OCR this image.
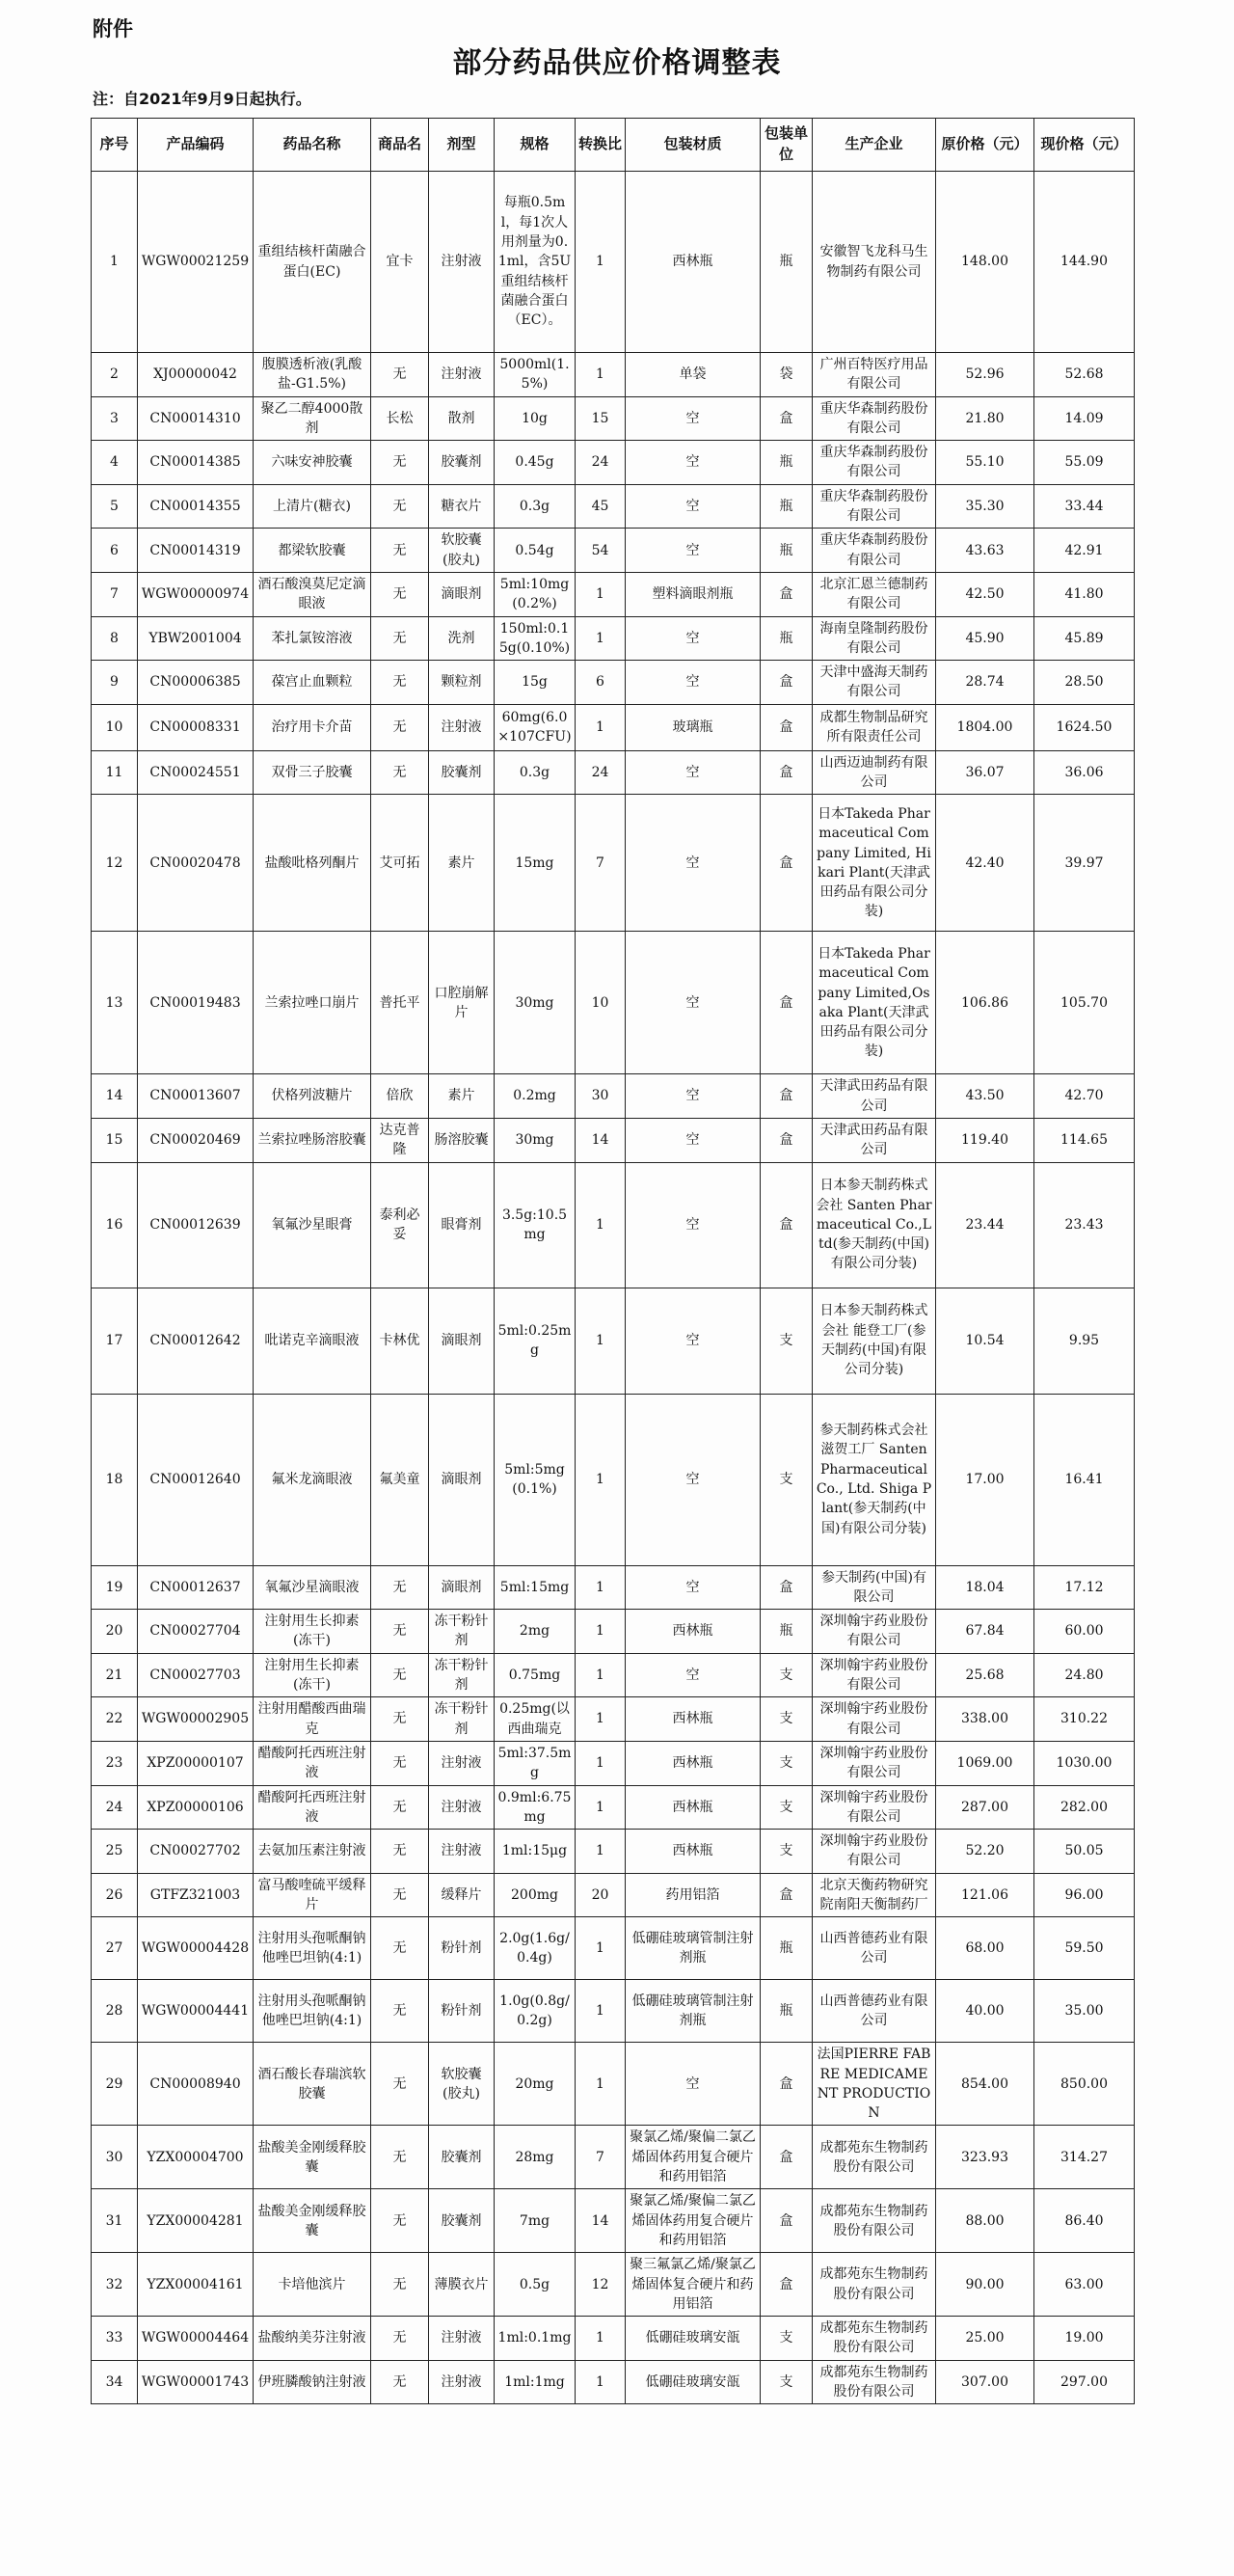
附件
部分药品供应价格调整表
注：自2021年9月9日起执行。
序号	产品编码	药品名称	商品名	剂型	规格	转换比	包装材质	包装单位	生产企业	原价格（元）	现价格（元）
1	WGW00021259	重组结核杆菌融合蛋白(EC)	宜卡	注射液	每瓶0.5ml，每1次人用剂量为0.1ml，含5U重组结核杆菌融合蛋白（EC）。	1	西林瓶	瓶	安徽智飞龙科马生物制药有限公司	148.00	144.90
2	XJ00000042	腹膜透析液(乳酸盐-G1.5%)	无	注射液	5000ml(1.5%)	1	单袋	袋	广州百特医疗用品有限公司	52.96	52.68
3	CN00014310	聚乙二醇4000散剂	长松	散剂	10g	15	空	盒	重庆华森制药股份有限公司	21.80	14.09
4	CN00014385	六味安神胶囊	无	胶囊剂	0.45g	24	空	瓶	重庆华森制药股份有限公司	55.10	55.09
5	CN00014355	上清片(糖衣)	无	糖衣片	0.3g	45	空	瓶	重庆华森制药股份有限公司	35.30	33.44
6	CN00014319	都梁软胶囊	无	软胶囊(胶丸)	0.54g	54	空	瓶	重庆华森制药股份有限公司	43.63	42.91
7	WGW00000974	酒石酸溴莫尼定滴眼液	无	滴眼剂	5ml:10mg(0.2%)	1	塑料滴眼剂瓶	盒	北京汇恩兰德制药有限公司	42.50	41.80
8	YBW2001004	苯扎氯铵溶液	无	洗剂	150ml:0.15g(0.10%)	1	空	瓶	海南皇隆制药股份有限公司	45.90	45.89
9	CN00006385	葆宫止血颗粒	无	颗粒剂	15g	6	空	盒	天津中盛海天制药有限公司	28.74	28.50
10	CN00008331	治疗用卡介苗	无	注射液	60mg(6.0×107CFU)	1	玻璃瓶	盒	成都生物制品研究所有限责任公司	1804.00	1624.50
11	CN00024551	双骨三子胶囊	无	胶囊剂	0.3g	24	空	盒	山西迈迪制药有限公司	36.07	36.06
12	CN00020478	盐酸吡格列酮片	艾可拓	素片	15mg	7	空	盒	日本Takeda Pharmaceutical Company Limited, Hikari Plant(天津武田药品有限公司分装)	42.40	39.97
13	CN00019483	兰索拉唑口崩片	普托平	口腔崩解片	30mg	10	空	盒	日本Takeda Pharmaceutical Company Limited,Osaka Plant(天津武田药品有限公司分装)	106.86	105.70
14	CN00013607	伏格列波糖片	倍欣	素片	0.2mg	30	空	盒	天津武田药品有限公司	43.50	42.70
15	CN00020469	兰索拉唑肠溶胶囊	达克普隆	肠溶胶囊	30mg	14	空	盒	天津武田药品有限公司	119.40	114.65
16	CN00012639	氧氟沙星眼膏	泰利必妥	眼膏剂	3.5g:10.5mg	1	空	盒	日本参天制药株式会社 Santen Pharmaceutical Co.,Ltd(参天制药(中国)有限公司分装)	23.44	23.43
17	CN00012642	吡诺克辛滴眼液	卡林优	滴眼剂	5ml:0.25mg	1	空	支	日本参天制药株式会社 能登工厂(参天制药(中国)有限公司分装)	10.54	9.95
18	CN00012640	氟米龙滴眼液	氟美童	滴眼剂	5ml:5mg(0.1%)	1	空	支	参天制药株式会社滋贺工厂 Santen Pharmaceutical Co., Ltd. Shiga Plant(参天制药(中国)有限公司分装)	17.00	16.41
19	CN00012637	氧氟沙星滴眼液	无	滴眼剂	5ml:15mg	1	空	盒	参天制药(中国)有限公司	18.04	17.12
20	CN00027704	注射用生长抑素(冻干)	无	冻干粉针剂	2mg	1	西林瓶	瓶	深圳翰宇药业股份有限公司	67.84	60.00
21	CN00027703	注射用生长抑素(冻干)	无	冻干粉针剂	0.75mg	1	空	支	深圳翰宇药业股份有限公司	25.68	24.80
22	WGW00002905	注射用醋酸西曲瑞克	无	冻干粉针剂	0.25mg(以西曲瑞克	1	西林瓶	支	深圳翰宇药业股份有限公司	338.00	310.22
23	XPZ00000107	醋酸阿托西班注射液	无	注射液	5ml:37.5mg	1	西林瓶	支	深圳翰宇药业股份有限公司	1069.00	1030.00
24	XPZ00000106	醋酸阿托西班注射液	无	注射液	0.9ml:6.75mg	1	西林瓶	支	深圳翰宇药业股份有限公司	287.00	282.00
25	CN00027702	去氨加压素注射液	无	注射液	1ml:15μg	1	西林瓶	支	深圳翰宇药业股份有限公司	52.20	50.05
26	GTFZ321003	富马酸喹硫平缓释片	无	缓释片	200mg	20	药用铝箔	盒	北京天衡药物研究院南阳天衡制药厂	121.06	96.00
27	WGW00004428	注射用头孢哌酮钠他唑巴坦钠(4:1)	无	粉针剂	2.0g(1.6g/0.4g)	1	低硼硅玻璃管制注射剂瓶	瓶	山西普德药业有限公司	68.00	59.50
28	WGW00004441	注射用头孢哌酮钠他唑巴坦钠(4:1)	无	粉针剂	1.0g(0.8g/0.2g)	1	低硼硅玻璃管制注射剂瓶	瓶	山西普德药业有限公司	40.00	35.00
29	CN00008940	酒石酸长春瑞滨软胶囊	无	软胶囊(胶丸)	20mg	1	空	盒	法国PIERRE FABRE MEDICAMENT PRODUCTION	854.00	850.00
30	YZX00004700	盐酸美金刚缓释胶囊	无	胶囊剂	28mg	7	聚氯乙烯/聚偏二氯乙烯固体药用复合硬片和药用铝箔	盒	成都苑东生物制药股份有限公司	323.93	314.27
31	YZX00004281	盐酸美金刚缓释胶囊	无	胶囊剂	7mg	14	聚氯乙烯/聚偏二氯乙烯固体药用复合硬片和药用铝箔	盒	成都苑东生物制药股份有限公司	88.00	86.40
32	YZX00004161	卡培他滨片	无	薄膜衣片	0.5g	12	聚三氟氯乙烯/聚氯乙烯固体复合硬片和药用铝箔	盒	成都苑东生物制药股份有限公司	90.00	63.00
33	WGW00004464	盐酸纳美芬注射液	无	注射液	1ml:0.1mg	1	低硼硅玻璃安瓿	支	成都苑东生物制药股份有限公司	25.00	19.00
34	WGW00001743	伊班膦酸钠注射液	无	注射液	1ml:1mg	1	低硼硅玻璃安瓿	支	成都苑东生物制药股份有限公司	307.00	297.00
